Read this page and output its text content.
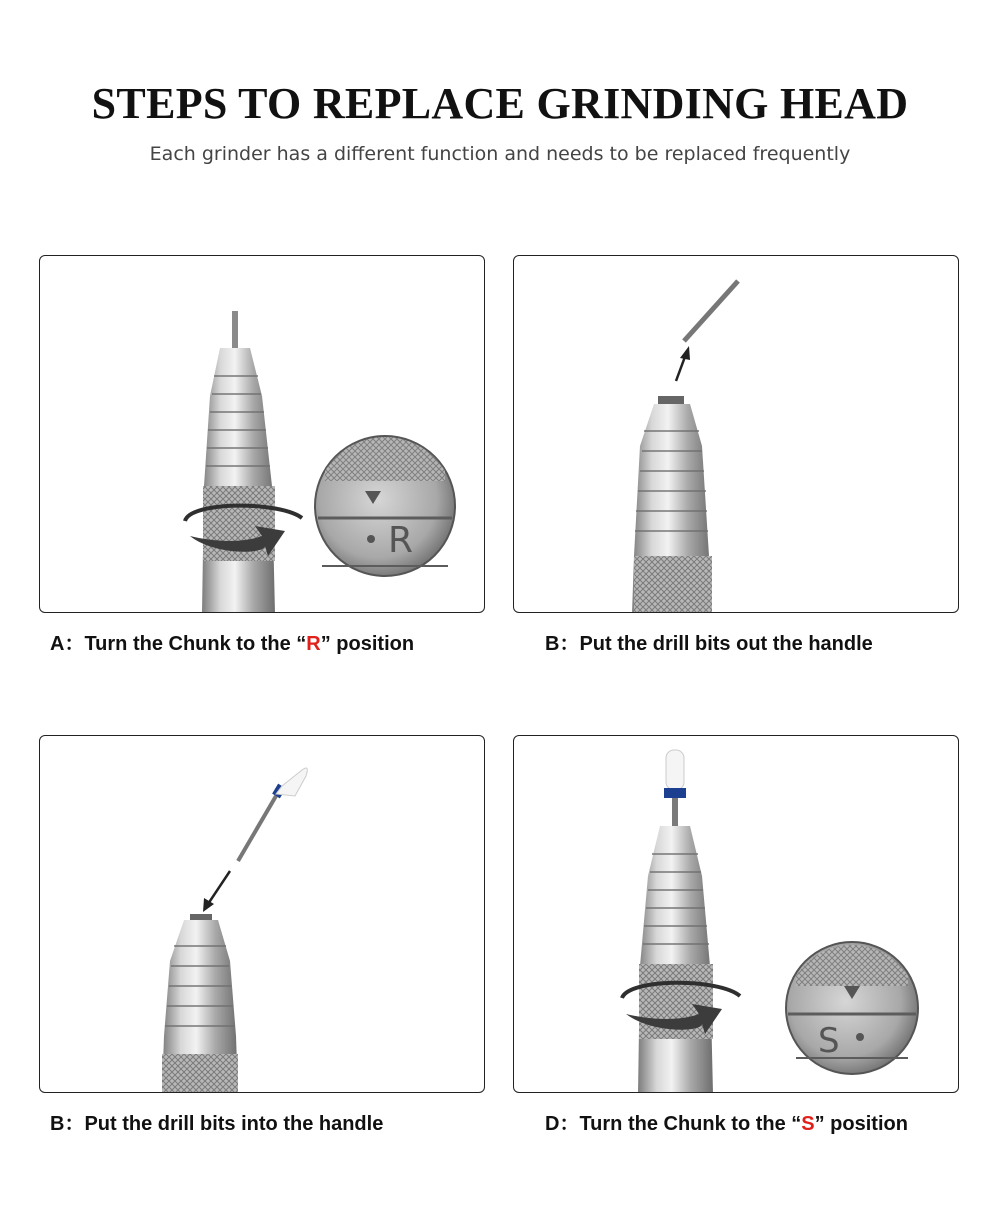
STEPS TO REPLACE GRINDING HEAD
Each grinder has a different function and needs to be replaced frequently
R
A：Turn the Chunk to the “R” position	B：Put the drill bits out the handle
B：Put the drill bits into the handle
S
D：Turn the Chunk to the “S” position
